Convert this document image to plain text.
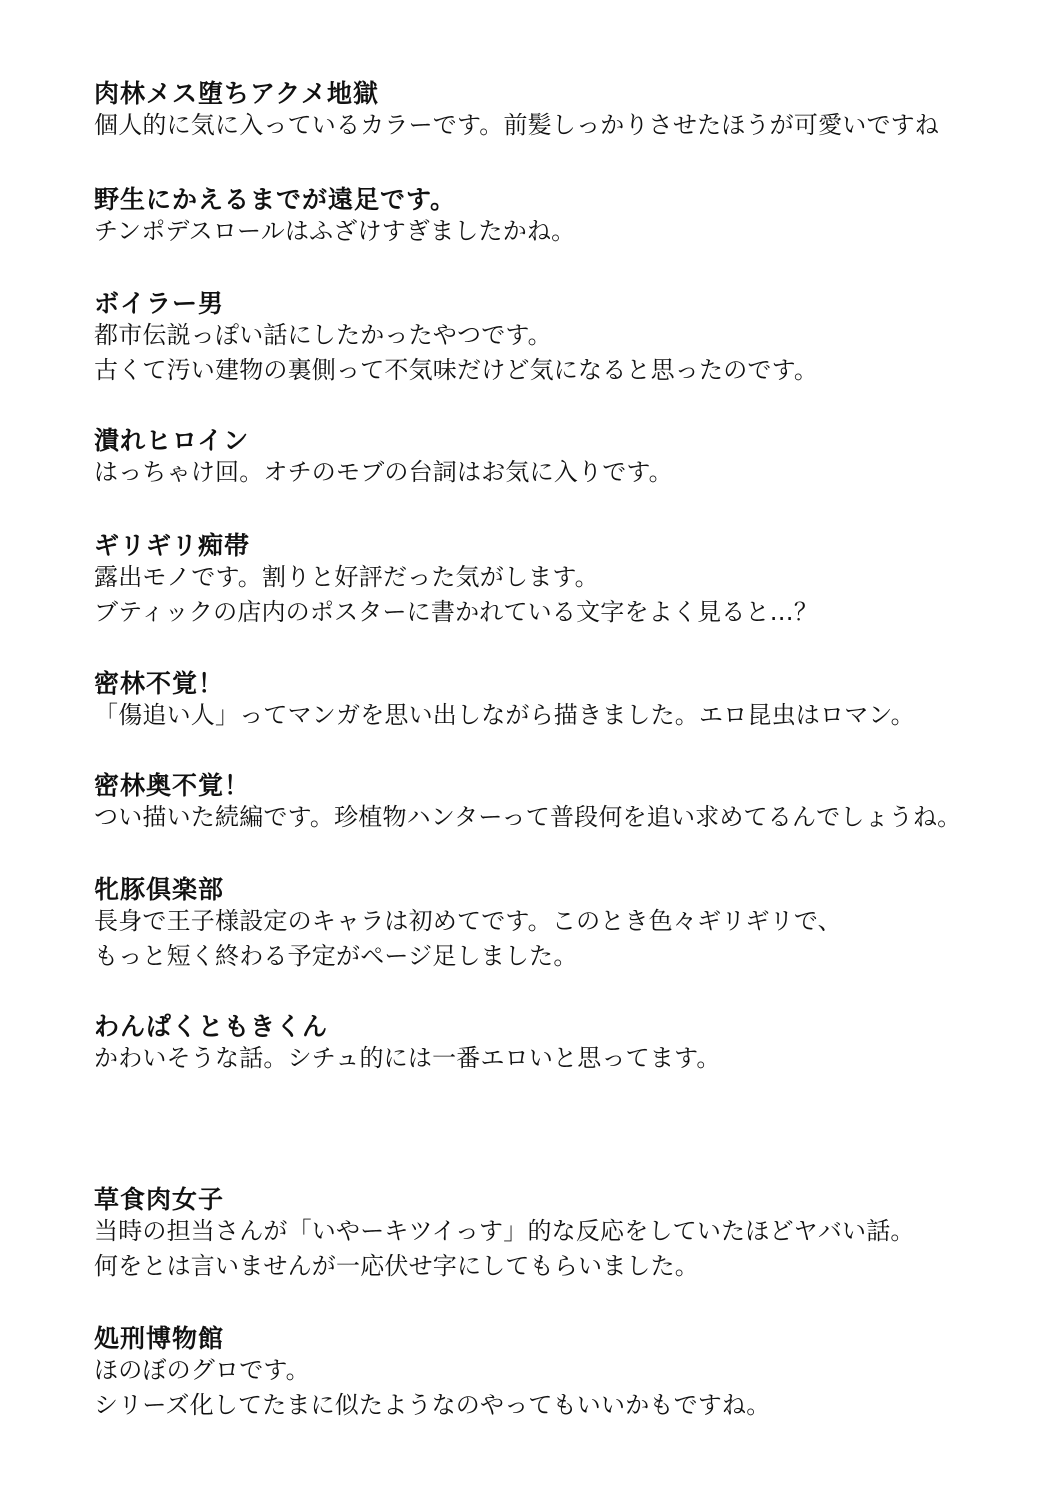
肉林メス堕ちアクメ地獄
個人的に気に入っているカラーです。前髪しっかりさせたほうが可愛いですね
野生にかえるまでが遠足です。
チンポデスロールはふざけすぎましたかね。
ボイラー男
都市伝説っぽい話にしたかったやつです。
古くて汚い建物の裏側って不気味だけど気になると思ったのです。
潰れヒロイン
はっちゃけ回。オチのモブの台詞はお気に入りです。
ギリギリ痴帯
露出モノです。割りと好評だった気がします。
ブティックの店内のポスターに書かれている文字をよく見ると…？
密林不覚！
「傷追い人」ってマンガを思い出しながら描きました。エロ昆虫はロマン。
密林奥不覚！
つい描いた続編です。珍植物ハンターって普段何を追い求めてるんでしょうね。
牝豚倶楽部
長身で王子様設定のキャラは初めてです。このとき色々ギリギリで、
もっと短く終わる予定がページ足しました。
わんぱくともきくん
かわいそうな話。シチュ的には一番エロいと思ってます。
草食肉女子
当時の担当さんが「いやーキツイっす」的な反応をしていたほどヤバい話。
何をとは言いませんが一応伏せ字にしてもらいました。
処刑博物館
ほのぼのグロです。
シリーズ化してたまに似たようなのやってもいいかもですね。
